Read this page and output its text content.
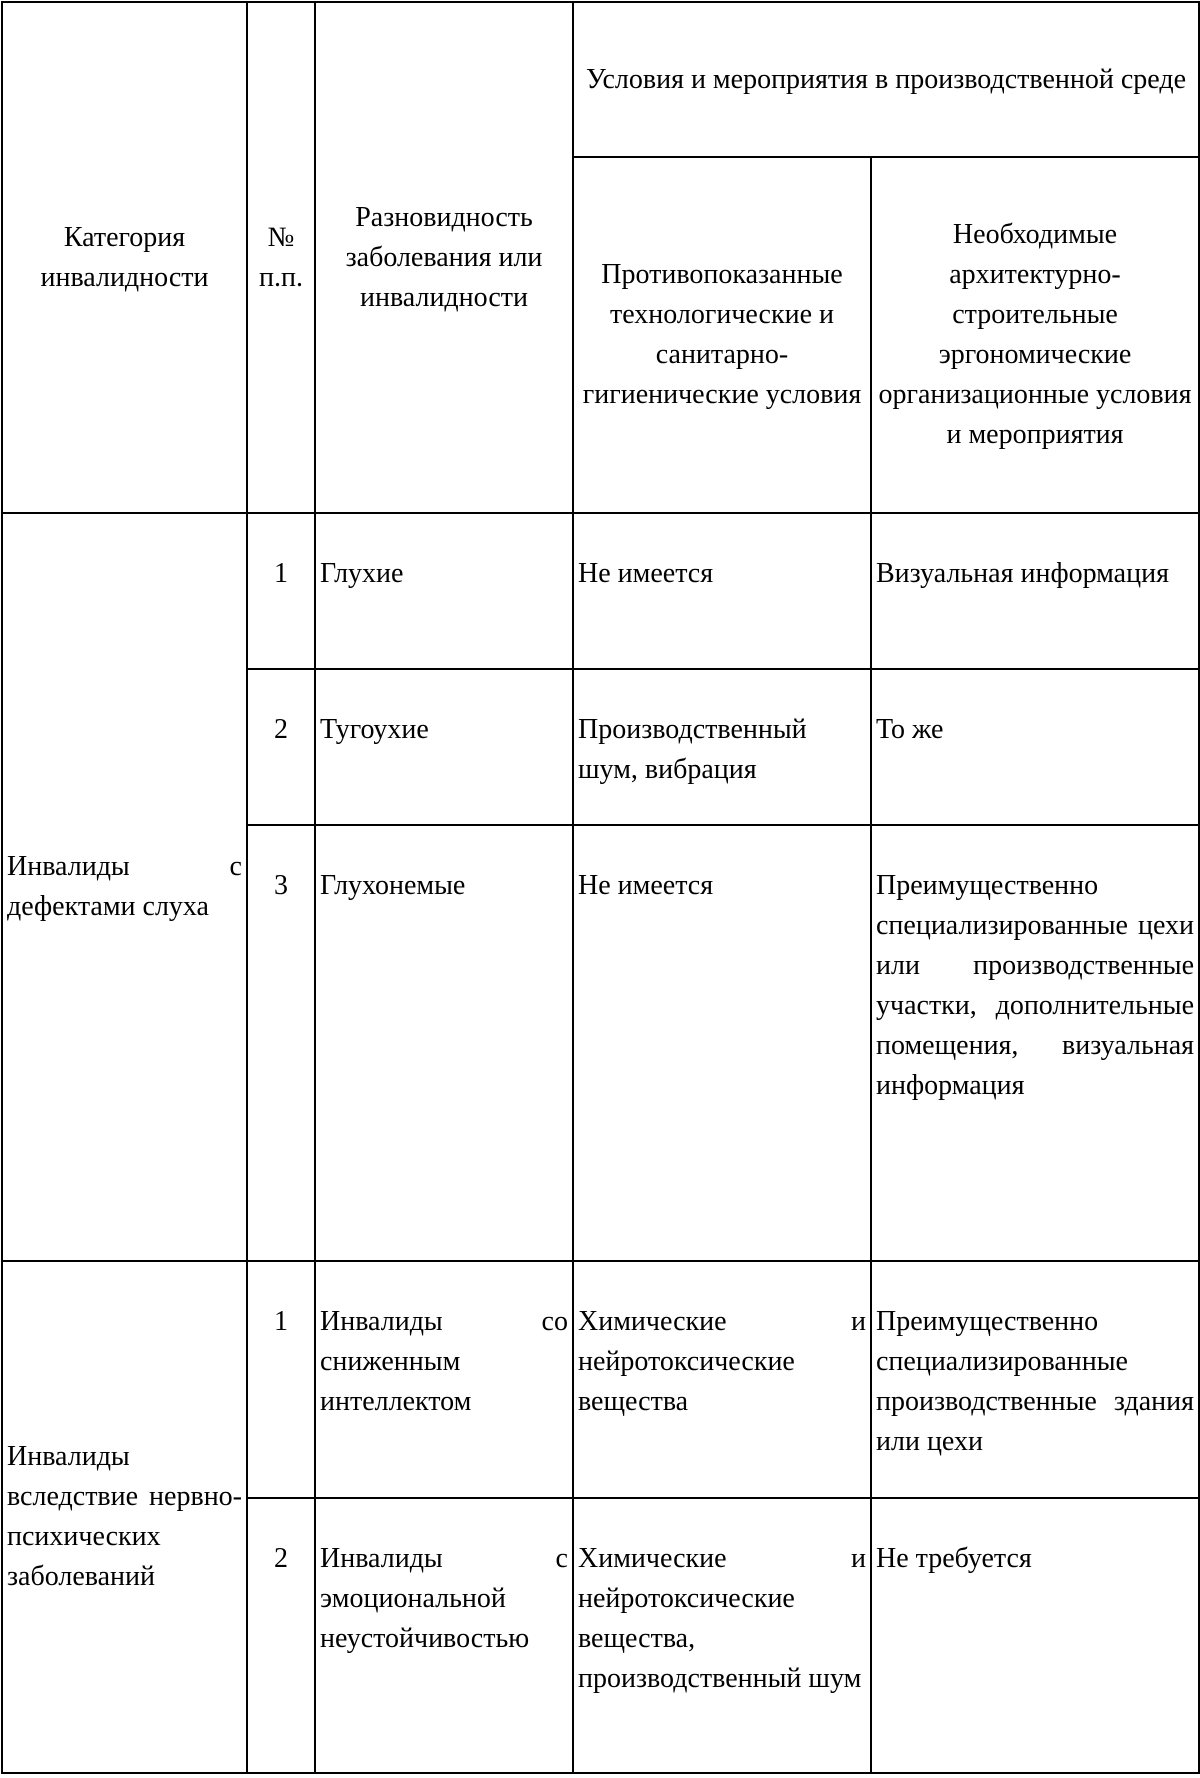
Категория инвалидности	№ п.п.	Разновидность заболевания или инвалидности	Условия и мероприятия в производственной среде	
			Противопоказанные технологические и санитарно-гигиенические условия	Необходимые архитектурно-строительные эргономические организационные условия и мероприятия
Инвалиды с дефектами слуха	1	Глухие	Не имеется	Визуальная информация
	2	Тугоухие	Производственный шум, вибрация	То же
	3	Глухонемые	Не имеется	Преимущественно специализированные цехи или производственные участки, дополнительные помещения, визуальная информация
Инвалиды вследствие нервно-психических заболеваний	1	Инвалиды со сниженным интеллектом	Химические и нейротоксические вещества	Преимущественно специализированные производственные здания или цехи
	2	Инвалиды с эмоциональной неустойчивостью	Химические и нейротоксические вещества, производственный шум	Не требуется
